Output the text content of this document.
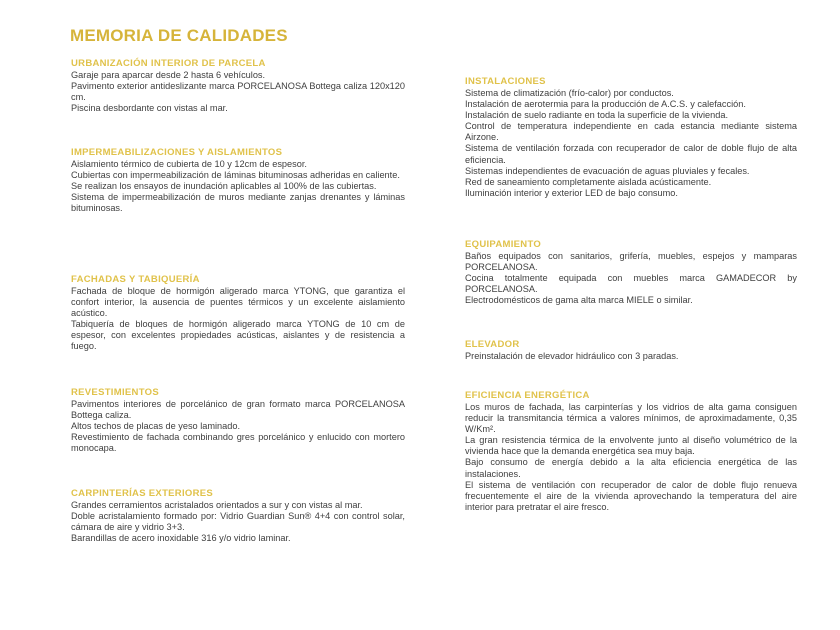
MEMORIA DE CALIDADES
URBANIZACIÓN INTERIOR DE PARCELA

Garaje para aparcar desde 2 hasta 6 vehículos.

Pavimento exterior antideslizante marca PORCELANOSA Bottega caliza 120x120 cm.

Piscina desbordante con vistas al mar.

IMPERMEABILIZACIONES Y AISLAMIENTOS

Aislamiento térmico de cubierta de 10 y 12cm de espesor.

Cubiertas con impermeabilización de láminas bituminosas adheridas en caliente.

Se realizan los ensayos de inundación aplicables al 100% de las cubiertas.

Sistema de impermeabilización de muros mediante zanjas drenantes y láminas bituminosas.

FACHADAS Y TABIQUERÍA

Fachada de bloque de hormigón aligerado marca YTONG, que garantiza el confort interior, la ausencia de puentes térmicos y un excelente aislamiento acústico.

Tabiquería de bloques de hormigón aligerado marca YTONG de 10 cm de espesor, con excelentes propiedades acústicas, aislantes y de resistencia a fuego.

REVESTIMIENTOS

Pavimentos interiores de porcelánico de gran formato marca PORCELANOSA Bottega caliza.

Altos techos de placas de yeso laminado.

Revestimiento de fachada combinando gres porcelánico y enlucido con mortero monocapa.

CARPINTERÍAS EXTERIORES

Grandes cerramientos acristalados orientados a sur y con vistas al mar.

Doble acristalamiento formado por: Vidrio Guardian Sun® 4+4 con control solar, cámara de aire y vidrio 3+3.

Barandillas de acero inoxidable 316 y/o vidrio laminar.

INSTALACIONES

Sistema de climatización (frío-calor) por conductos.

Instalación de aerotermia para la producción de A.C.S. y calefacción.

Instalación de suelo radiante en toda la superficie de la vivienda.

Control de temperatura independiente en cada estancia mediante sistema Airzone.

Sistema de ventilación forzada con recuperador de calor de doble flujo de alta eficiencia.

Sistemas independientes de evacuación de aguas pluviales y fecales.

Red de saneamiento completamente aislada acústicamente.

Iluminación interior y exterior LED de bajo consumo.

EQUIPAMIENTO

Baños equipados con sanitarios, grifería, muebles, espejos y mamparas PORCELANOSA.

Cocina totalmente equipada con muebles marca GAMADECOR by PORCELANOSA.

Electrodomésticos de gama alta marca MIELE o similar.

ELEVADOR

Preinstalación de elevador hidráulico con 3 paradas.

EFICIENCIA ENERGÉTICA

Los muros de fachada, las carpinterías y los vidrios de alta gama consiguen reducir la transmitancia térmica a valores mínimos, de aproximadamente, 0,35 W/Km².

La gran resistencia térmica de la envolvente junto al diseño volumétrico de la vivienda hace que la demanda energética sea muy baja.

Bajo consumo de energía debido a la alta eficiencia energética de las instalaciones.

El sistema de ventilación con recuperador de calor de doble flujo renueva frecuentemente el aire de la vivienda aprovechando la temperatura del aire interior para pretratar el aire fresco.
